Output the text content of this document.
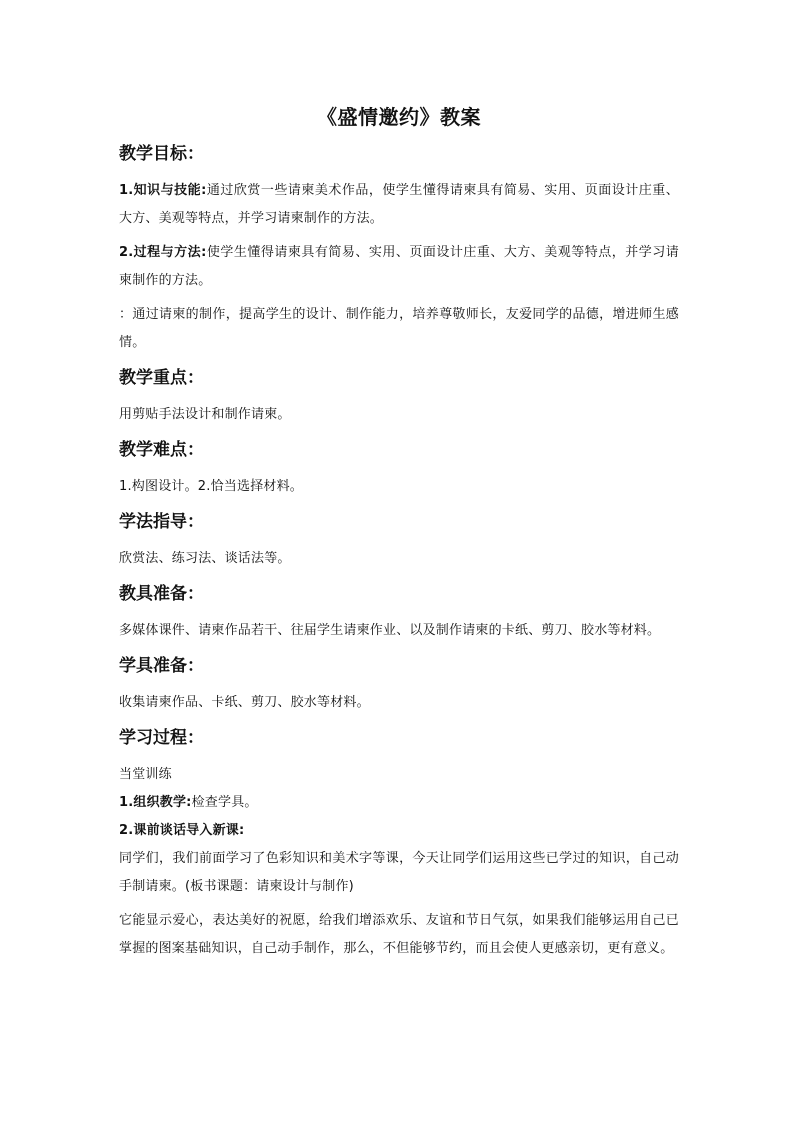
《盛情邀约》教案
教学目标：

1.知识与技能:通过欣赏一些请柬美术作品，使学生懂得请柬具有简易、实用、页面设计庄重、大方、美观等特点，并学习请柬制作的方法。

2.过程与方法:使学生懂得请柬具有简易、实用、页面设计庄重、大方、美观等特点，并学习请柬制作的方法。

：通过请柬的制作，提高学生的设计、制作能力，培养尊敬师长，友爱同学的品德，增进师生感情。

教学重点：

用剪贴手法设计和制作请柬。

教学难点：

1.构图设计。2.恰当选择材料。

学法指导：

欣赏法、练习法、谈话法等。

教具准备：

多媒体课件、请柬作品若干、往届学生请柬作业、以及制作请柬的卡纸、剪刀、胶水等材料。

学具准备：

收集请柬作品、卡纸、剪刀、胶水等材料。

学习过程：

当堂训练

1.组织教学:检查学具。

2.课前谈话导入新课:

同学们，我们前面学习了色彩知识和美术字等课，今天让同学们运用这些已学过的知识，自己动手制请柬。(板书课题：请柬设计与制作)

它能显示爱心，表达美好的祝愿，给我们增添欢乐、友谊和节日气氛，如果我们能够运用自己已掌握的图案基础知识，自己动手制作，那么，不但能够节约，而且会使人更感亲切，更有意义。
